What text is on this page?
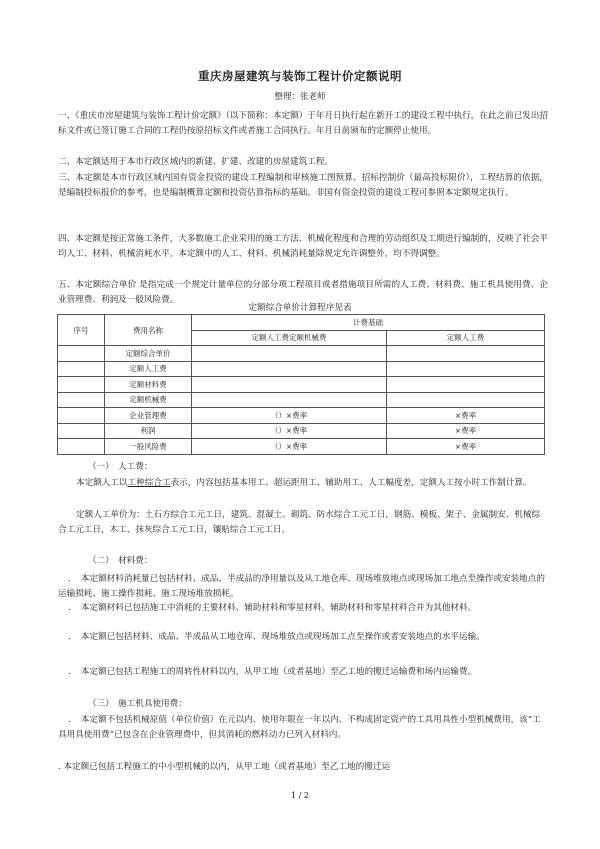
重庆房屋建筑与装饰工程计价定额说明
整理：张老师
一、《重庆市房屋建筑与装饰工程计价定额》（以下简称：本定额）于年月日执行起在新开工的建设工程中执行，在此之前已发出招标文件或已签订施工合同的工程仍按原招标文件或者施工合同执行。年月日前颁布的定额停止使用。
二、本定额适用于本市行政区域内的新建、扩建、改建的房屋建筑工程。
三、本定额是本市行政区域内国有资金投资的建设工程编制和审核施工图预算、招标控制价（最高投标限价），工程结算的依据，是编制投标报价的参考，也是编制概算定额和投资估算指标的基础。非国有资金投资的建设工程可参照本定额规定执行。
四、本定额是按正常施工条件，大多数施工企业采用的施工方法、机械化程度和合理的劳动组织及工期进行编制的，反映了社会平均人工、材料、机械消耗水平。本定额中的人工、材料、机械消耗量除规定允许调整外，均不得调整。
五、本定额综合单价 是指完成一个规定计量单位的分部分项工程项目或者措施项目所需的人工费、材料费、施工机具使用费、企业管理费、利润及一般风险费。
定额综合单价计算程序见表
序号	费用名称	计费基础	
		定额人工费定额机械费	定额人工费
	定额综合单价		
	定额人工费		
	定额材料费		
	定额机械费		
	企业管理费	（）×费率	×费率
	利润	（）×费率	×费率
	一般风险费	（）×费率	×费率
（一）　人工费：
本定额人工以工种综合工表示，内容包括基本用工、超运距用工、辅助用工、人工幅度差，定额人工按小时工作制计算。
定额人工单价为：土石方综合工元工日，建筑、混凝土、砌筑、防水综合工元工日，钢筋、模板、架子、金属制安、机械综合工元工日，木工、抹灰综合工元工日，镶贴综合工元工日。
（二）　材料费：
．　本定额材料消耗量已包括材料、成品、半成品的净用量以及从工地仓库、现场堆放地点或现场加工地点至操作或安装地点的运输损耗、施工操作损耗、施工现场堆放损耗。
．　本定额材料已包括施工中消耗的主要材料、辅助材料和零星材料，辅助材料和零星材料合并为其他材料。
．　本定额已包括材料、成品、半成品从工地仓库、现场堆放点或现场加工点至操作或者安装地点的水平运输。
．　本定额已包括工程施工的周转性材料以内，从甲工地（或者基地）至乙工地的搬迁运输费和场内运输费。
（三）　施工机具使用费：
．　本定额不包括机械原值（单位价值）在元以内、使用年限在一年以内、不构成固定资产的工具用具性小型机械费用，该“工具用具使用费”已包含在企业管理费中，但其消耗的燃料动力已列入材料内。
. 本定额已包括工程施工的中小型机械的以内，从甲工地（或者基地）至乙工地的搬迁运
1 / 2
